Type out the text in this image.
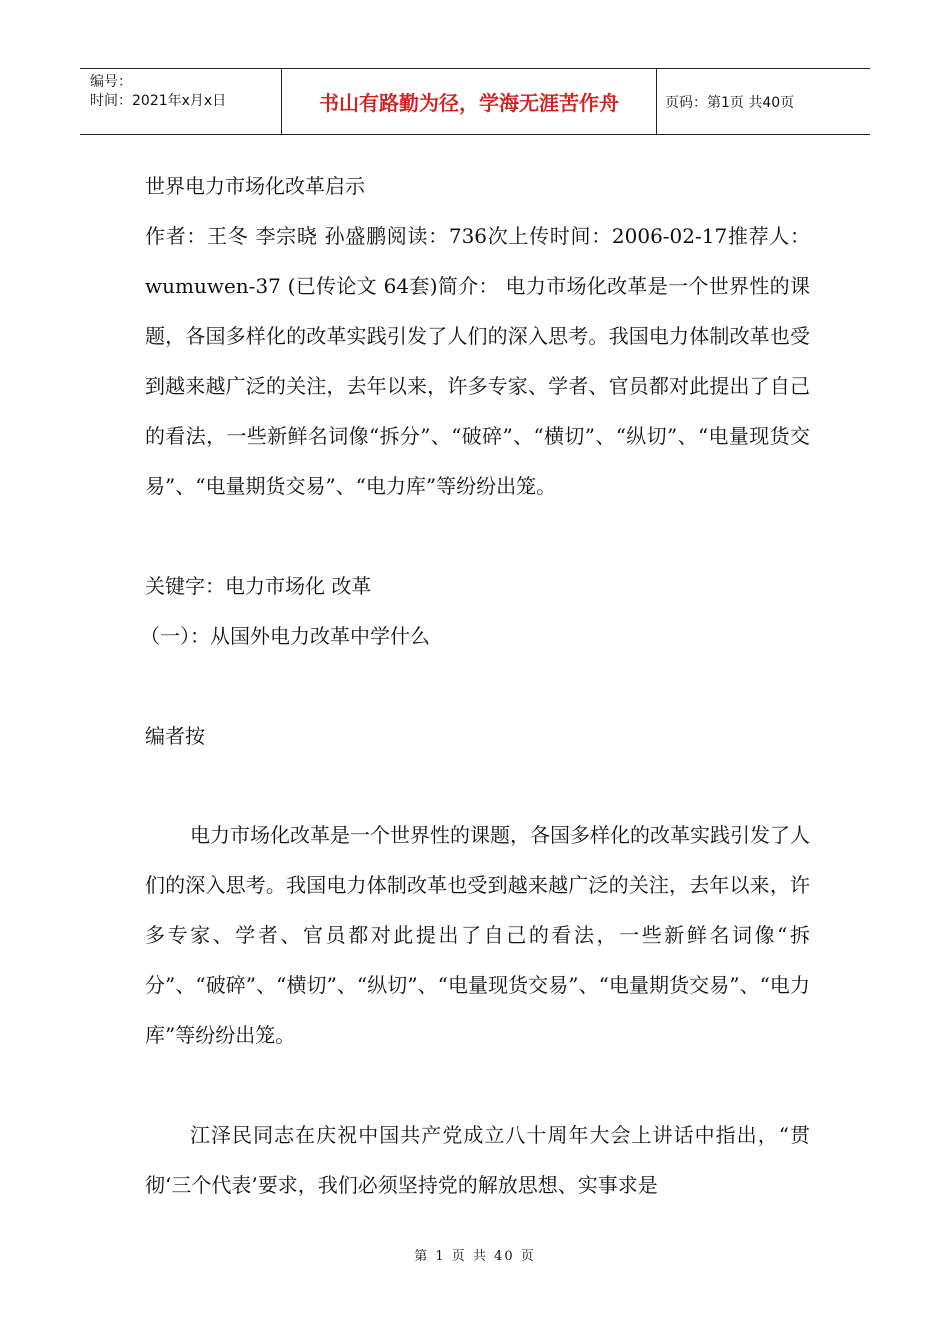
编号：
时间：2021年x月x日	书山有路勤为径，学海无涯苦作舟	页码：第1页 共40页

世界电力市场化改革启示

作者：王冬 李宗晓 孙盛鹏阅读：736次上传时间：2006-02-17推荐人：wumuwen-37 (已传论文 64套)简介： 电力市场化改革是一个世界性的课题，各国多样化的改革实践引发了人们的深入思考。我国电力体制改革也受到越来越广泛的关注，去年以来，许多专家、学者、官员都对此提出了自己的看法，一些新鲜名词像“拆分”、“破碎”、“横切”、“纵切”、“电量现货交易”、“电量期货交易”、“电力库”等纷纷出笼。

关键字：电力市场化 改革

（一）：从国外电力改革中学什么

编者按

电力市场化改革是一个世界性的课题，各国多样化的改革实践引发了人们的深入思考。我国电力体制改革也受到越来越广泛的关注，去年以来，许多专家、学者、官员都对此提出了自己的看法，一些新鲜名词像“拆分”、“破碎”、“横切”、“纵切”、“电量现货交易”、“电量期货交易”、“电力库”等纷纷出笼。

江泽民同志在庆祝中国共产党成立八十周年大会上讲话中指出，“贯彻‘三个代表’要求，我们必须坚持党的解放思想、实事求是

第 1 页 共 40 页
